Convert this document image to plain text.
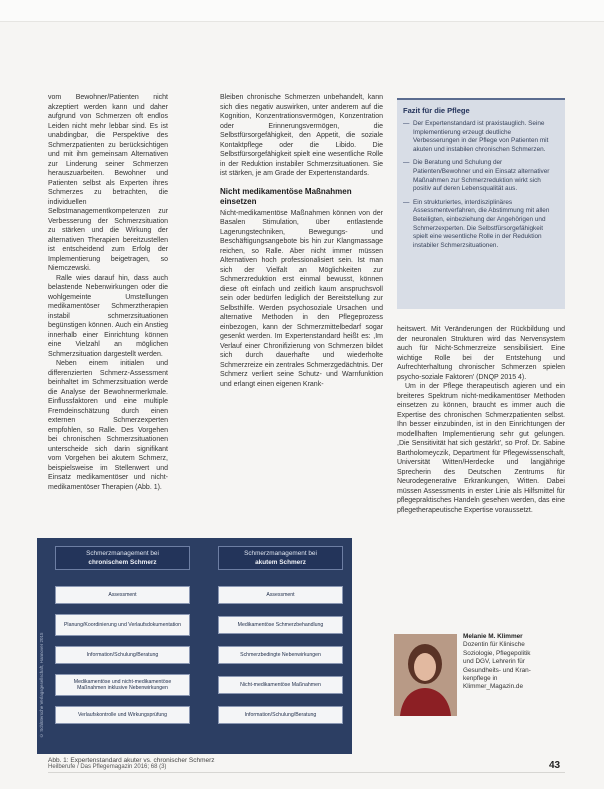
vom Bewohner/Patienten nicht akzeptiert werden kann und daher aufgrund von Schmerzen oft endlos Leiden nicht mehr lebbar sind. Es ist unabdingbar, die Perspektive des Schmerzpatienten zu berücksichtigen und mit ihm gemeinsam Alternativen zur Linderung seiner Schmerzen herauszuarbeiten. Bewohner und Patienten selbst als Experten ihres Schmerzes zu betrachten, die individuellen Selbstmanagementkompetenzen zur Verbesserung der Schmerzsituation zu stärken und die Wirkung der alternativen Therapien bereitzustellen ist entscheidend zum Erfolg der Implementierung beigetragen, so Niemczewski.

Ralle wies darauf hin, dass auch belastende Nebenwirkungen oder die wohlgemeinte Umstellungen medikamentöser Schmerztherapien instabil schmerzsituationen begünstigen können. Auch ein Anstieg innerhalb einer Einrichtung können eine Vielzahl an möglichen Schmerzsituation dargestellt werden.

Neben einem initialen und differenzierten Schmerz-Assessment beinhaltet im Schmerzsituation werde die Analyse der Bewohnermerkmale. Einflussfaktoren und eine multiple Fremdeinschätzung durch einen externen Schmerzexperten empfohlen, so Ralle. Des Vorgehen bei chronischen Schmerzsituationen unterscheide sich darin signifikant vom Vorgehen bei akutem Schmerz, beispielsweise im Stellenwert und Einsatz medikamentöser und nicht-medikamentöser Therapien (Abb. 1).

Bleiben chronische Schmerzen unbehandelt, kann sich dies negativ auswirken, unter anderem auf die Kognition, Konzentrationsvermögen, Konzentration oder Erinnerungsvermögen, die Selbstfürsorgefähigkeit, den Appetit, die soziale Kontaktpflege oder die Libido. Die Selbstfürsorgefähigkeit spielt eine wesentliche Rolle in der Reduktion instabiler Schmerzsituationen. Sie ist stärken, je am Grade der Expertenstandards.

Nicht medikamentöse Maßnahmen einsetzen

Nicht-medikamentöse Maßnahmen können von der Basalen Stimulation, über entlastende Lagerungstechniken, Bewegungs- und Beschäftigungsangebote bis hin zur Klangmassage reichen, so Ralle. Aber nicht immer müssen Alternativen hoch professionalisiert sein. Ist man sich der Vielfalt an Möglichkeiten zur Schmerzreduktion erst einmal bewusst, können diese oft einfach und zeitlich kaum anspruchsvoll sein oder bedürfen lediglich der Bereitstellung zur Selbsthilfe. Werden psychosoziale Ursachen und alternative Methoden in den Pflegeprozess einbezogen, kann der Schmerzmittelbedarf sogar gesenkt werden. Im Expertenstandard heißt es: ,Im Verlauf einer Chronifizierung von Schmerzen bildet sich durch dauerhafte und wiederholte Schmerzreize ein zentrales Schmerzgedächtnis. Der Schmerz verliert seine Schutz- und Warnfunktion und erlangt einen eigenen Krank-

Fazit für die Pflege
— Der Expertenstandard ist praxistauglich. Seine Implementierung erzeugt deutliche Verbesserungen in der Pflege von Patienten mit akuten und instabilen chronischen Schmerzen.
— Die Beratung und Schulung der Patienten/Bewohner und ein Einsatz alternativer Maßnahmen zur Schmerzreduktion wirkt sich positiv auf deren Lebensqualität aus.
— Ein strukturiertes, interdisziplinäres Assessmentverfahren, die Abstimmung mit allen Beteiligten, einbeziehung der Angehörigen und Schmerzexperten. Die Selbstfürsorgefähigkeit spielt eine wesentliche Rolle in der Reduktion instabiler Schmerzsituationen.

heitswert. Mit Veränderungen der Rückbildung und der neuronalen Strukturen wird das Nervensystem auch für Nicht-Schmerzreize sensibilisiert. Eine wichtige Rolle bei der Entstehung und Aufrechterhaltung chronischer Schmerzen spielen psycho-soziale Faktoren' (DNQP 2015 4).

Um in der Pflege therapeutisch agieren und ein breiteres Spektrum nicht-medikamentöser Methoden einsetzen zu können, braucht es immer auch die Expertise des chronischen Schmerzpatienten selbst. Ihn besser einzubinden, ist in den Einrichtungen der modellhaften Implementierung sehr gut gelungen. ,Die Sensitivität hat sich gestärkt', so Prof. Dr. Sabine Bartholomeyczik, Department für Pflegewissenschaft, Universität Witten/Herdecke und langjährige Sprecherin des Deutschen Zentrums für Neurodegenerative Erkrankungen, Witten. Dabei müssen Assessments in erster Linie als Hilfsmittel für pflegepraktisches Handeln gesehen werden, das eine pflegetherapeutische Expertise voraussetzt.

© Schlütersche Verlagsgesellschaft, Hannover 2015
Schmerzmanagement bei
chronischem Schmerz
Schmerzmanagement bei
akutem Schmerz
Assessment
Planung/Koordinierung und Verlaufsdokumentation
Information/Schulung/Beratung
Medikamentöse und nicht-medikamentöse Maßnahmen inklusive Nebenwirkungen
Verlaufskontrolle und Wirkungsprüfung
Assessment
Medikamentöse Schmerzbehandlung
Schmerzbedingte Nebenwirkungen
Nicht-medikamentöse Maßnahmen
Information/Schulung/Beratung
Abb. 1: Expertenstandard akuter vs. chronischer Schmerz
Melanie M. Klimmer
Dozentin für Klinische
Soziologie, Pflegepolitik
und DGV, Lehrerin für
Gesundheits- und Kran-
kenpflege in
Klimmer_Magazin.de
Heilberufe / Das Pflegemagazin 2016; 68 (3)	43
